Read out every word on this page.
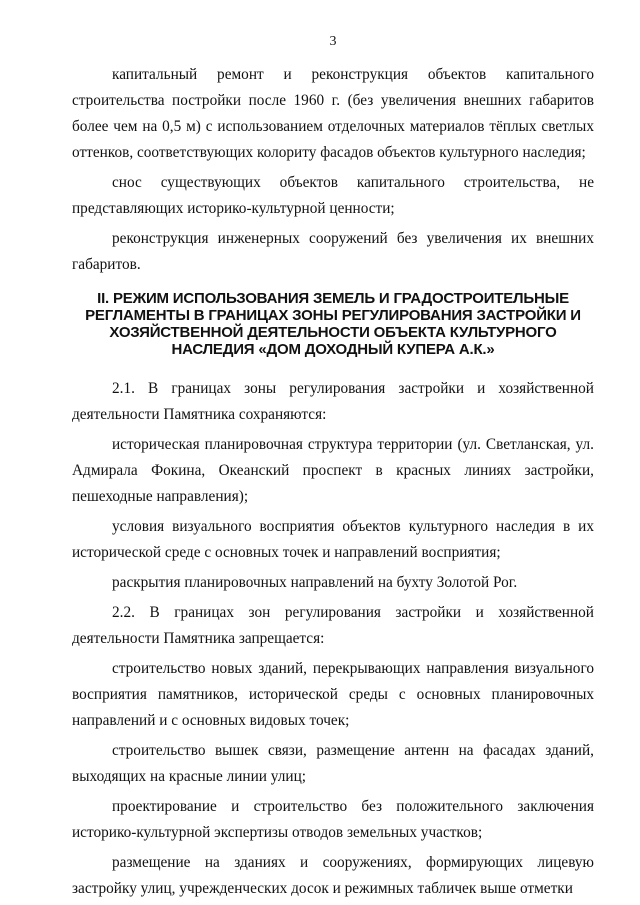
3

капитальный ремонт и реконструкция объектов капитального строительства постройки после 1960 г. (без увеличения внешних габаритов более чем на 0,5 м) с использованием отделочных материалов тёплых светлых оттенков, соответствующих колориту фасадов объектов культурного наследия;

снос существующих объектов капитального строительства, не представляющих историко-культурной ценности;

реконструкция инженерных сооружений без увеличения их внешних габаритов.

II. РЕЖИМ ИСПОЛЬЗОВАНИЯ ЗЕМЕЛЬ И ГРАДОСТРОИТЕЛЬНЫЕ РЕГЛАМЕНТЫ В ГРАНИЦАХ ЗОНЫ РЕГУЛИРОВАНИЯ ЗАСТРОЙКИ И ХОЗЯЙСТВЕННОЙ ДЕЯТЕЛЬНОСТИ ОБЪЕКТА КУЛЬТУРНОГО НАСЛЕДИЯ «ДОМ ДОХОДНЫЙ КУПЕРА А.К.»

2.1. В границах зоны регулирования застройки и хозяйственной деятельности Памятника сохраняются:

историческая планировочная структура территории (ул. Светланская, ул. Адмирала Фокина, Океанский проспект в красных линиях застройки, пешеходные направления);

условия визуального восприятия объектов культурного наследия в их исторической среде с основных точек и направлений восприятия;

раскрытия планировочных направлений на бухту Золотой Рог.

2.2. В границах зон регулирования застройки и хозяйственной деятельности Памятника запрещается:

строительство новых зданий, перекрывающих направления визуального восприятия памятников, исторической среды с основных планировочных направлений и с основных видовых точек;

строительство вышек связи, размещение антенн на фасадах зданий, выходящих на красные линии улиц;

проектирование и строительство без положительного заключения историко-культурной экспертизы отводов земельных участков;

размещение на зданиях и сооружениях, формирующих лицевую застройку улиц, учрежденческих досок и режимных табличек выше отметки
